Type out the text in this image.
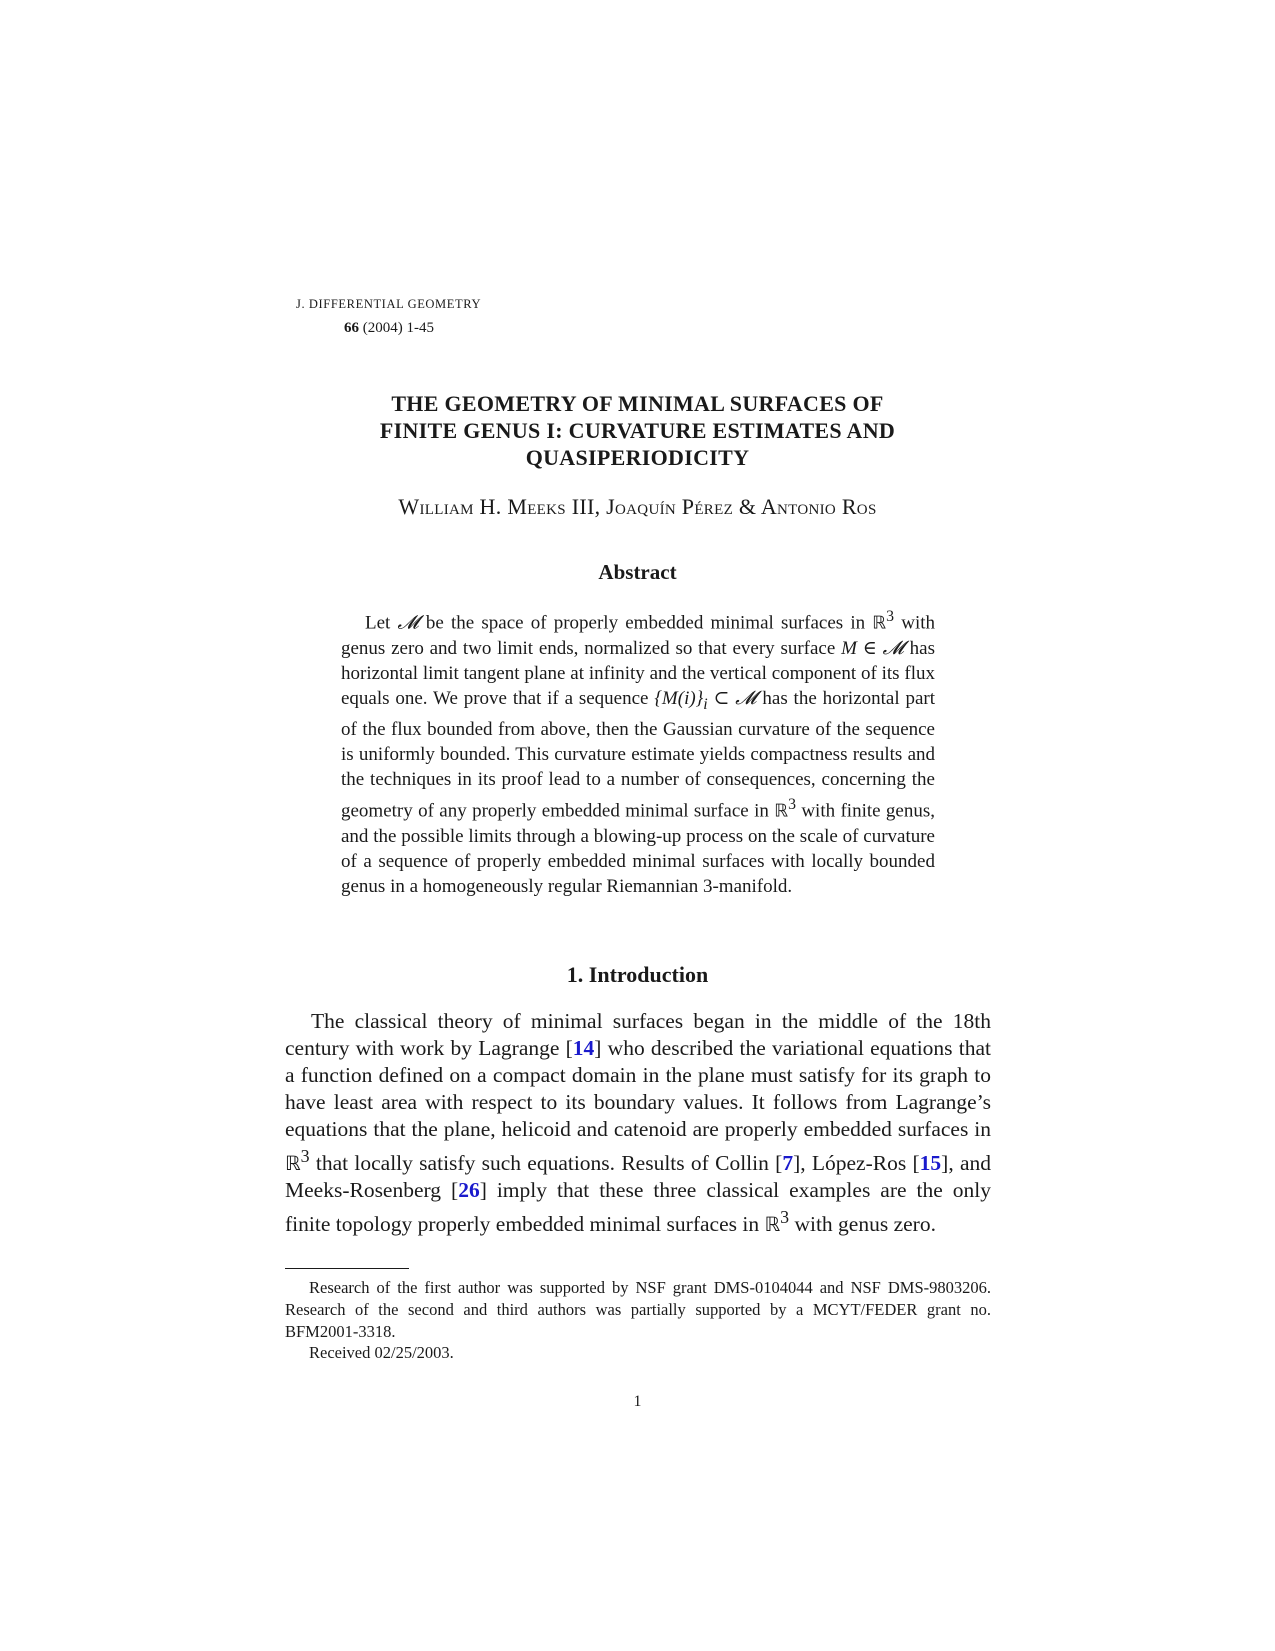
J. DIFFERENTIAL GEOMETRY
66 (2004) 1-45
THE GEOMETRY OF MINIMAL SURFACES OF
FINITE GENUS I: CURVATURE ESTIMATES AND
QUASIPERIODICITY
William H. Meeks III, Joaquín Pérez & Antonio Ros
Abstract
Let 𝓜 be the space of properly embedded minimal surfaces in ℝ$^3$ with genus zero and two limit ends, normalized so that every surface M ∈ 𝓜 has horizontal limit tangent plane at infinity and the vertical component of its flux equals one. We prove that if a sequence $\{M(i)\}_i$ ⊂ 𝓜 has the horizontal part of the flux bounded from above, then the Gaussian curvature of the sequence is uniformly bounded. This curvature estimate yields compactness results and the techniques in its proof lead to a number of consequences, concerning the geometry of any properly embedded minimal surface in ℝ$^3$ with finite genus, and the possible limits through a blowing-up process on the scale of curvature of a sequence of properly embedded minimal surfaces with locally bounded genus in a homogeneously regular Riemannian 3-manifold.
1. Introduction
The classical theory of minimal surfaces began in the middle of the 18th century with work by Lagrange [14] who described the variational equations that a function defined on a compact domain in the plane must satisfy for its graph to have least area with respect to its boundary values. It follows from Lagrange’s equations that the plane, helicoid and catenoid are properly embedded surfaces in ℝ$^3$ that locally satisfy such equations. Results of Collin [7], López-Ros [15], and Meeks-Rosenberg [26] imply that these three classical examples are the only finite topology properly embedded minimal surfaces in ℝ$^3$ with genus zero.
Research of the first author was supported by NSF grant DMS-0104044 and NSF DMS-9803206. Research of the second and third authors was partially supported by a MCYT/FEDER grant no. BFM2001-3318.
Received 02/25/2003.
1
